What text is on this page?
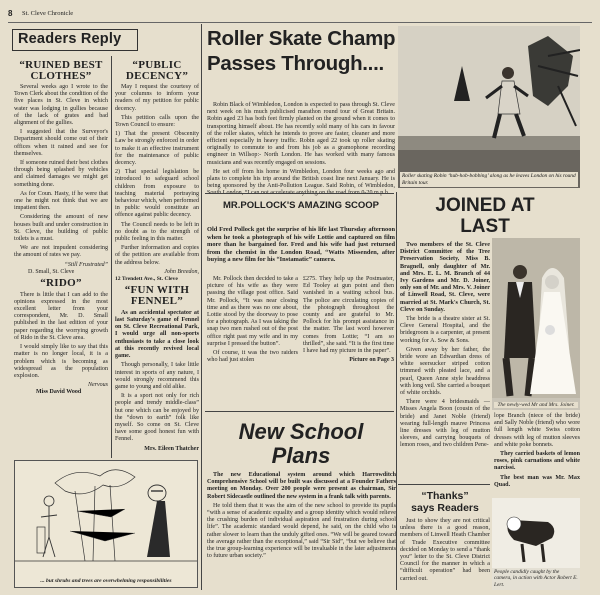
8 St. Cleve Chronicle
Readers Reply
“RUINED BEST CLOTHES”

Several weeks ago I wrote to the Town Clerk about the condition of the five places in St. Cleve in which water was lodging in gullies because of the lack of grates and bad alignment of the gullies.

I suggested that the Surveyor's Department should come out of their offices when it rained and see for themselves.

If someone ruined their best clothes through being splashed by vehicles and claimed damages we might get something done.

As for Coun. Hasty, if he were that one he might not think that we are impatient then.

Considering the amount of new houses built and under construction in St. Cleve, the building of public toilets is a must.

We are not impudent considering the amount of rates we pay.

“Still Frustrated”
D. Small, St. Cleve
“RIDO”

There is little that I can add to the opinions expressed in the most excellent letter from your correspondent, Mr. D. Small published in the last edition of your paper regarding the worrying growth of Rido in the St. Cleve area.

I would simply like to say that this matter is no longer local, it is a problem which is becoming as widespread as the population explosion.

Nervous
Miss David Wood
“PUBLIC DECENCY”

May I request the courtesy of your columns to inform your readers of my petition for public decency.

This petition calls upon the Town Council to ensure:

1) That the present Obscenity Law be strongly enforced in order to make it an effective instrument for the maintenance of public decency.

2) That special legislation be introduced to safeguard school children from exposure to teaching material portraying behaviour which, when performed in public would constitute an offence against public decency.

The Council needs to be left in no doubt as to the strength of public feeling in this matter.

Further information and copies of the petition are available from the address below.

John Breedon,
12 Trendett Ave., St. Cleve
“FUN WITH FENNEL”

As an accidental spectator at last Saturday's game of Fennel on St. Cleve Recreational Park, I would urge all non-sports enthusiasts to take a close look at this recently revived local game.

Though personally, I take little interest in sports of any nature, I would strongly recommend this game to young and old alike.

It is a sport not only for rich people and trendy middle-class” but one which can be enjoyed by the “down to earth” folk like myself. So come on St. Cleve have some good honest fun with Fennel.

Mrs. Eileen Thatcher
... but shrubs and trees are overwhelming responsibilities
Roller Skate Champ
Passes Through....

Robin Black of Wimbledon, London is expected to pass through St. Cleve next week on his much publicised marathon round tour of Great Britain. Robin aged 23 has both feet firmly planted on the ground when it comes to transporting himself about. He has recently sold many of his cars in favour of the roller skates, which he intends to prove are faster, cleaner and more efficient especially in heavy traffic. Robin aged 22 took up roller skating originally to commute to and from his job as a gramophone recording engineer in Willsop:- North London. He has worked with many famous musicians and was recently engaged on sessions.

He set off from his home in Wimbledon, London four weeks ago and plans to complete his trip around the British coast line next January. He is being sponsored by the Anti-Pollution League. Said Robin, of Wimbledon,

Roller skating Robin ‘hub-hob-bobbing’ along as he leaves London on his round Britain tour.
MR.POLLOCK'S AMAZING SCOOP

Old Fred Pollock got the surprise of his life last Thursday afternoon when he took a photograph of his wife Lottie and captured on film more than he bargained for. Fred and his wife had just returned from the chemist in the London Road, “Watts Missenden, after buying a new film for his “Instamatic” camera.

Mr. Pollock then decided to take a picture of his wife as they were passing the village post office. Said Mr. Pollock, “It was near closing time and as there was no one about, Lottie stood by the doorway to pose for a photograph. As I was taking the snap two men rushed out of the post office right past my wife and in my surprise I pressed the button”.

Of course, it was the two raiders who had just stolen

£275. They help up the Postmaster, Ed Tooley at gun point and then vanished in a waiting school bus. The police are circulating copies of the photograph throughout the county and are grateful to Mr. Pollock for his prompt assistance in the matter. The last word however comes from Lottie; “I am so thrilled”, she said. “It is the first time I have had my picture in the paper”.

Picture on Page 3
New School
Plans

The new Educational system around which Harrowditch Comprehensive School will be built was discussed at a Founder Fathers meeting on Monday. Over 200 people were present as chairman, Sir Robert Sidecastle outlined the new system in a frank talk with parents.

He told them that it was the aim of the new school to provide its pupils “with a sense of academic equality and a group identity which would relieve the crushing burden of individual aspiration and frustration during school life”. The academic standard would depend, he said, on the child who is rather slower to learn than the unduly gifted ones. “We will be geared toward the average rather than the exceptional,” said “Sir Sid”, “but we believe that the true group-learning experience will be invaluable in the later adjustments to future urban society.”

JOINED AT
LAST

Two members of the St. Cleve District Committee of the Tree Preservation Society, Miss B. Bragnell, only daughter of Mr. and Mrs. E. L. M. Branch of 44 Ivy Gardens and Mr. D. Joiner, only son of Mr. and Mrs. V. Joiner of Linwell Road, St. Cleve, were married at St. Mark's Church, St. Cleve on Sunday.

The bride is a theatre sister at St. Cleve General Hospital, and the bridegroom is a carpenter, at present working for A. Sow & Sons.

Given away by her father, the bride wore an Edwardian dress of white seersucker striped cotton trimmed with pleated lace, and a pearl, Queen Anne style headdress with long veil. She carried a bouquet of white orchids.

There were 4 bridesmaids — Misses Angela Boon (cousin of the bride) and Janet Noble (friend) wearing full-length mauve Princess line dresses with leg of mutton sleeves, and carrying bouquets of lemon roses, and two children Pene-

The newly-wed Mr and Mrs. Joiner.

lope Branch (niece of the bride) and Sally Noble (friend) who wore full length white Swiss cotton dresses with leg of mutton sleeves and white poke bonnets.

They carried baskets of lemon roses, pink carnations and white narcissi.

The best man was Mr. Max Quad.

“Thanks”
says Readers

Just to show they are not critical unless there is a good reason, members of Linwell Heath Chamber of Trade Executive committee decided on Monday to send a “thank you” letter to the St. Cleve District Council for the manner in which a “difficult operation” had been carried out.

People candidly caught by the camera, in action with Actor Robert E. Lert.
